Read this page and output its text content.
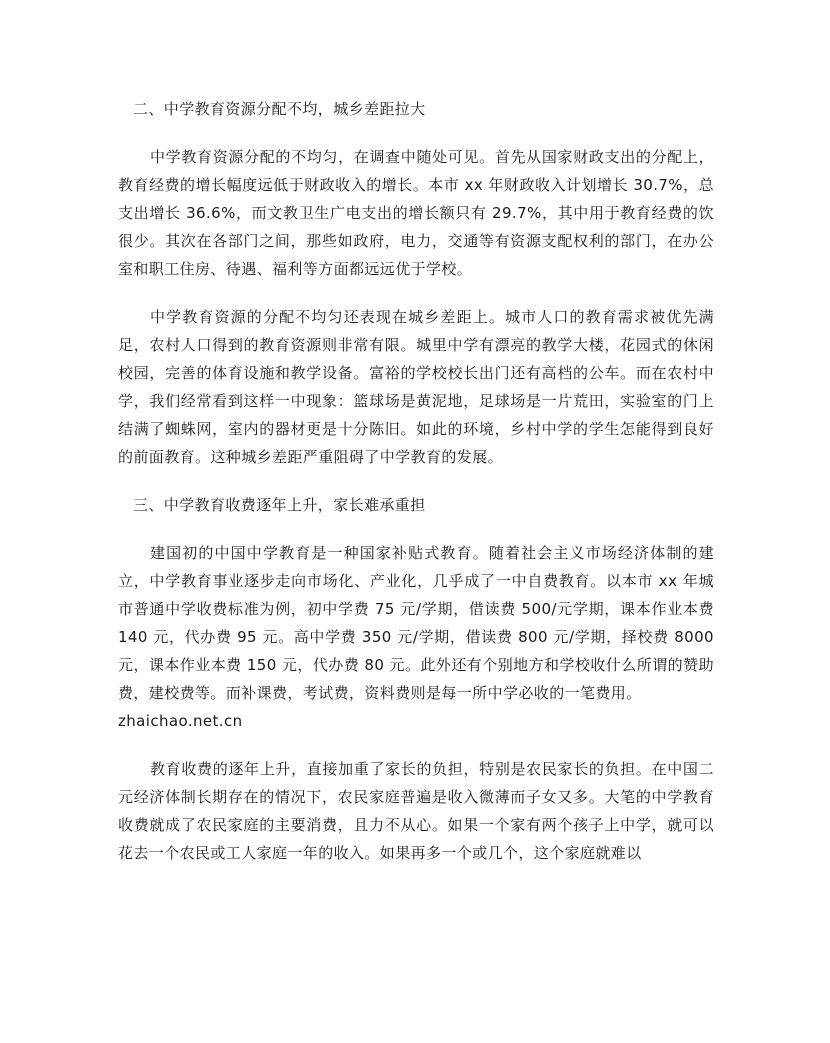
二、中学教育资源分配不均，城乡差距拉大

中学教育资源分配的不均匀，在调查中随处可见。首先从国家财政支出的分配上，教育经费的增长幅度远低于财政收入的增长。本市 xx 年财政收入计划增长 30.7%，总支出增长 36.6%，而文教卫生广电支出的增长额只有 29.7%，其中用于教育经费的饮很少。其次在各部门之间，那些如政府，电力，交通等有资源支配权利的部门，在办公室和职工住房、待遇、福利等方面都远远优于学校。

中学教育资源的分配不均匀还表现在城乡差距上。城市人口的教育需求被优先满足，农村人口得到的教育资源则非常有限。城里中学有漂亮的教学大楼，花园式的休闲校园，完善的体育设施和教学设备。富裕的学校校长出门还有高档的公车。而在农村中学，我们经常看到这样一中现象：篮球场是黄泥地，足球场是一片荒田，实验室的门上结满了蜘蛛网，室内的器材更是十分陈旧。如此的环境，乡村中学的学生怎能得到良好的前面教育。这种城乡差距严重阻碍了中学教育的发展。

三、中学教育收费逐年上升，家长难承重担

建国初的中国中学教育是一种国家补贴式教育。随着社会主义市场经济体制的建立，中学教育事业逐步走向市场化、产业化，几乎成了一中自费教育。以本市 xx 年城市普通中学收费标准为例，初中学费 75 元/学期，借读费 500/元学期，课本作业本费 140 元，代办费 95 元。高中学费 350 元/学期，借读费 800 元/学期，择校费 8000元，课本作业本费 150 元，代办费 80 元。此外还有个别地方和学校收什么所谓的赞助费，建校费等。而补课费，考试费，资料费则是每一所中学必收的一笔费用。

zhaichao.net.cn

教育收费的逐年上升，直接加重了家长的负担，特别是农民家长的负担。在中国二元经济体制长期存在的情况下，农民家庭普遍是收入微薄而子女又多。大笔的中学教育收费就成了农民家庭的主要消费，且力不从心。如果一个家有两个孩子上中学，就可以花去一个农民或工人家庭一年的收入。如果再多一个或几个，这个家庭就难以
